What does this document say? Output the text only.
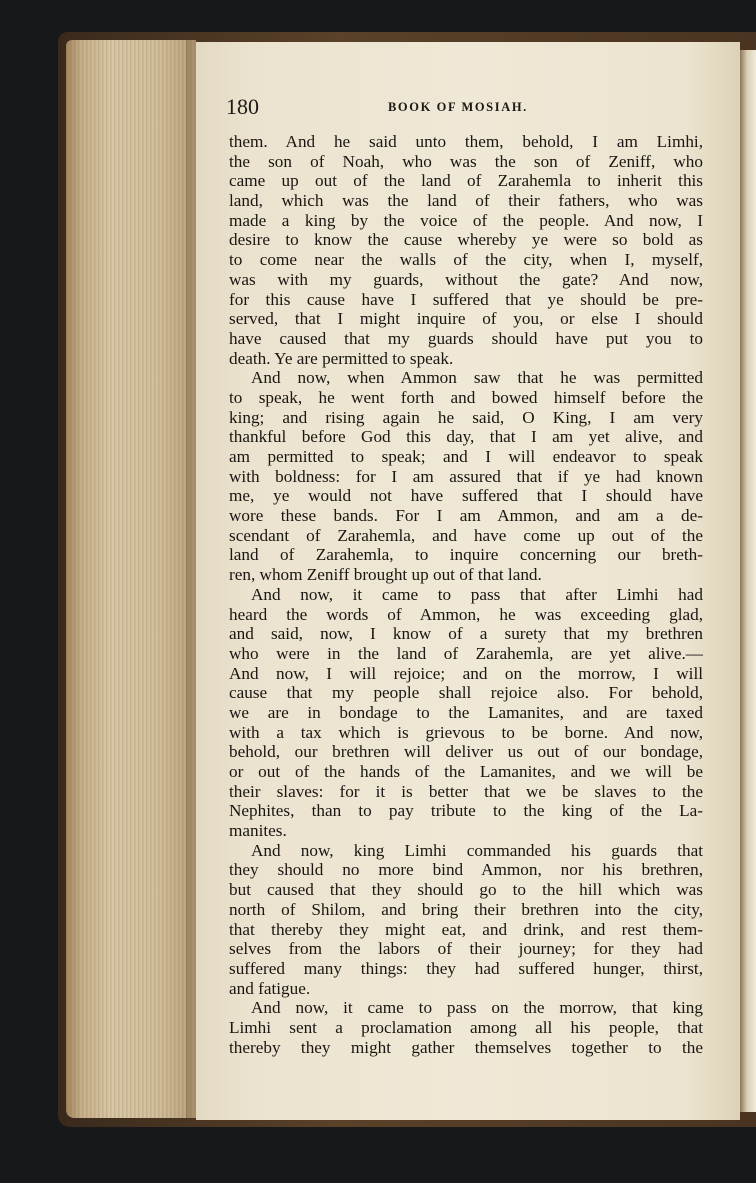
180	BOOK OF MOSIAH.

them. And he said unto them, behold, I am Limhi,
the son of Noah, who was the son of Zeniff, who
came up out of the land of Zarahemla to inherit this
land, which was the land of their fathers, who was
made a king by the voice of the people. And now, I
desire to know the cause whereby ye were so bold as
to come near the walls of the city, when I, myself,
was with my guards, without the gate? And now,
for this cause have I suffered that ye should be pre-
served, that I might inquire of you, or else I should
have caused that my guards should have put you to
death. Ye are permitted to speak.
And now, when Ammon saw that he was permitted
to speak, he went forth and bowed himself before the
king; and rising again he said, O King, I am very
thankful before God this day, that I am yet alive, and
am permitted to speak; and I will endeavor to speak
with boldness: for I am assured that if ye had known
me, ye would not have suffered that I should have
wore these bands. For I am Ammon, and am a de-
scendant of Zarahemla, and have come up out of the
land of Zarahemla, to inquire concerning our breth-
ren, whom Zeniff brought up out of that land.
And now, it came to pass that after Limhi had
heard the words of Ammon, he was exceeding glad,
and said, now, I know of a surety that my brethren
who were in the land of Zarahemla, are yet alive.—
And now, I will rejoice; and on the morrow, I will
cause that my people shall rejoice also. For behold,
we are in bondage to the Lamanites, and are taxed
with a tax which is grievous to be borne. And now,
behold, our brethren will deliver us out of our bondage,
or out of the hands of the Lamanites, and we will be
their slaves: for it is better that we be slaves to the
Nephites, than to pay tribute to the king of the La-
manites.
And now, king Limhi commanded his guards that
they should no more bind Ammon, nor his brethren,
but caused that they should go to the hill which was
north of Shilom, and bring their brethren into the city,
that thereby they might eat, and drink, and rest them-
selves from the labors of their journey; for they had
suffered many things: they had suffered hunger, thirst,
and fatigue.
And now, it came to pass on the morrow, that king
Limhi sent a proclamation among all his people, that
thereby they might gather themselves together to the
